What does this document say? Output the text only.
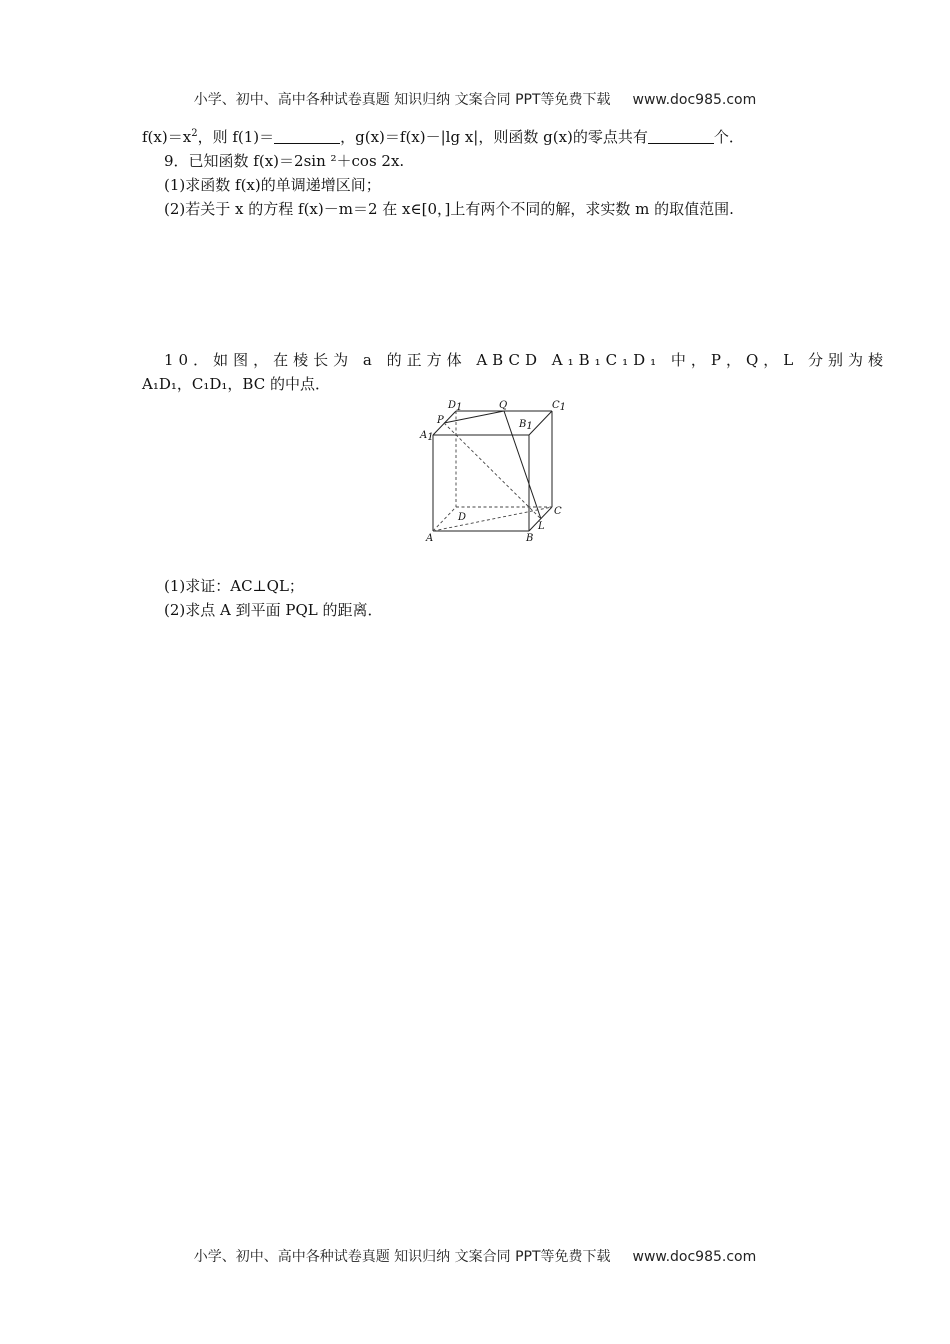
小学、初中、高中各种试卷真题 知识归纳 文案合同 PPT等免费下载 www.doc985.com
$f(x)=x^2$，则 f(1)＝	，g(x)＝f(x)－|lg x|，则函数 g(x)的零点共有	个．
9．已知函数 f(x)＝2sin ²＋cos 2x.
(1)求函数 f(x)的单调递增区间；
(2)若关于 x 的方程 f(x)－m＝2 在 x∈[0，]上有两个不同的解，求实数 m 的取值范围.
10．如图，在棱长为 a 的正方体 ABCD A₁B₁C₁D₁ 中，P，Q，L 分别为棱
A₁D₁，C₁D₁，BC 的中点．
D1	Q	C1
P	B1
A1
D
C
L
A	B
(1)求证：AC⊥QL；
(2)求点 A 到平面 PQL 的距离．
小学、初中、高中各种试卷真题 知识归纳 文案合同 PPT等免费下载 www.doc985.com
